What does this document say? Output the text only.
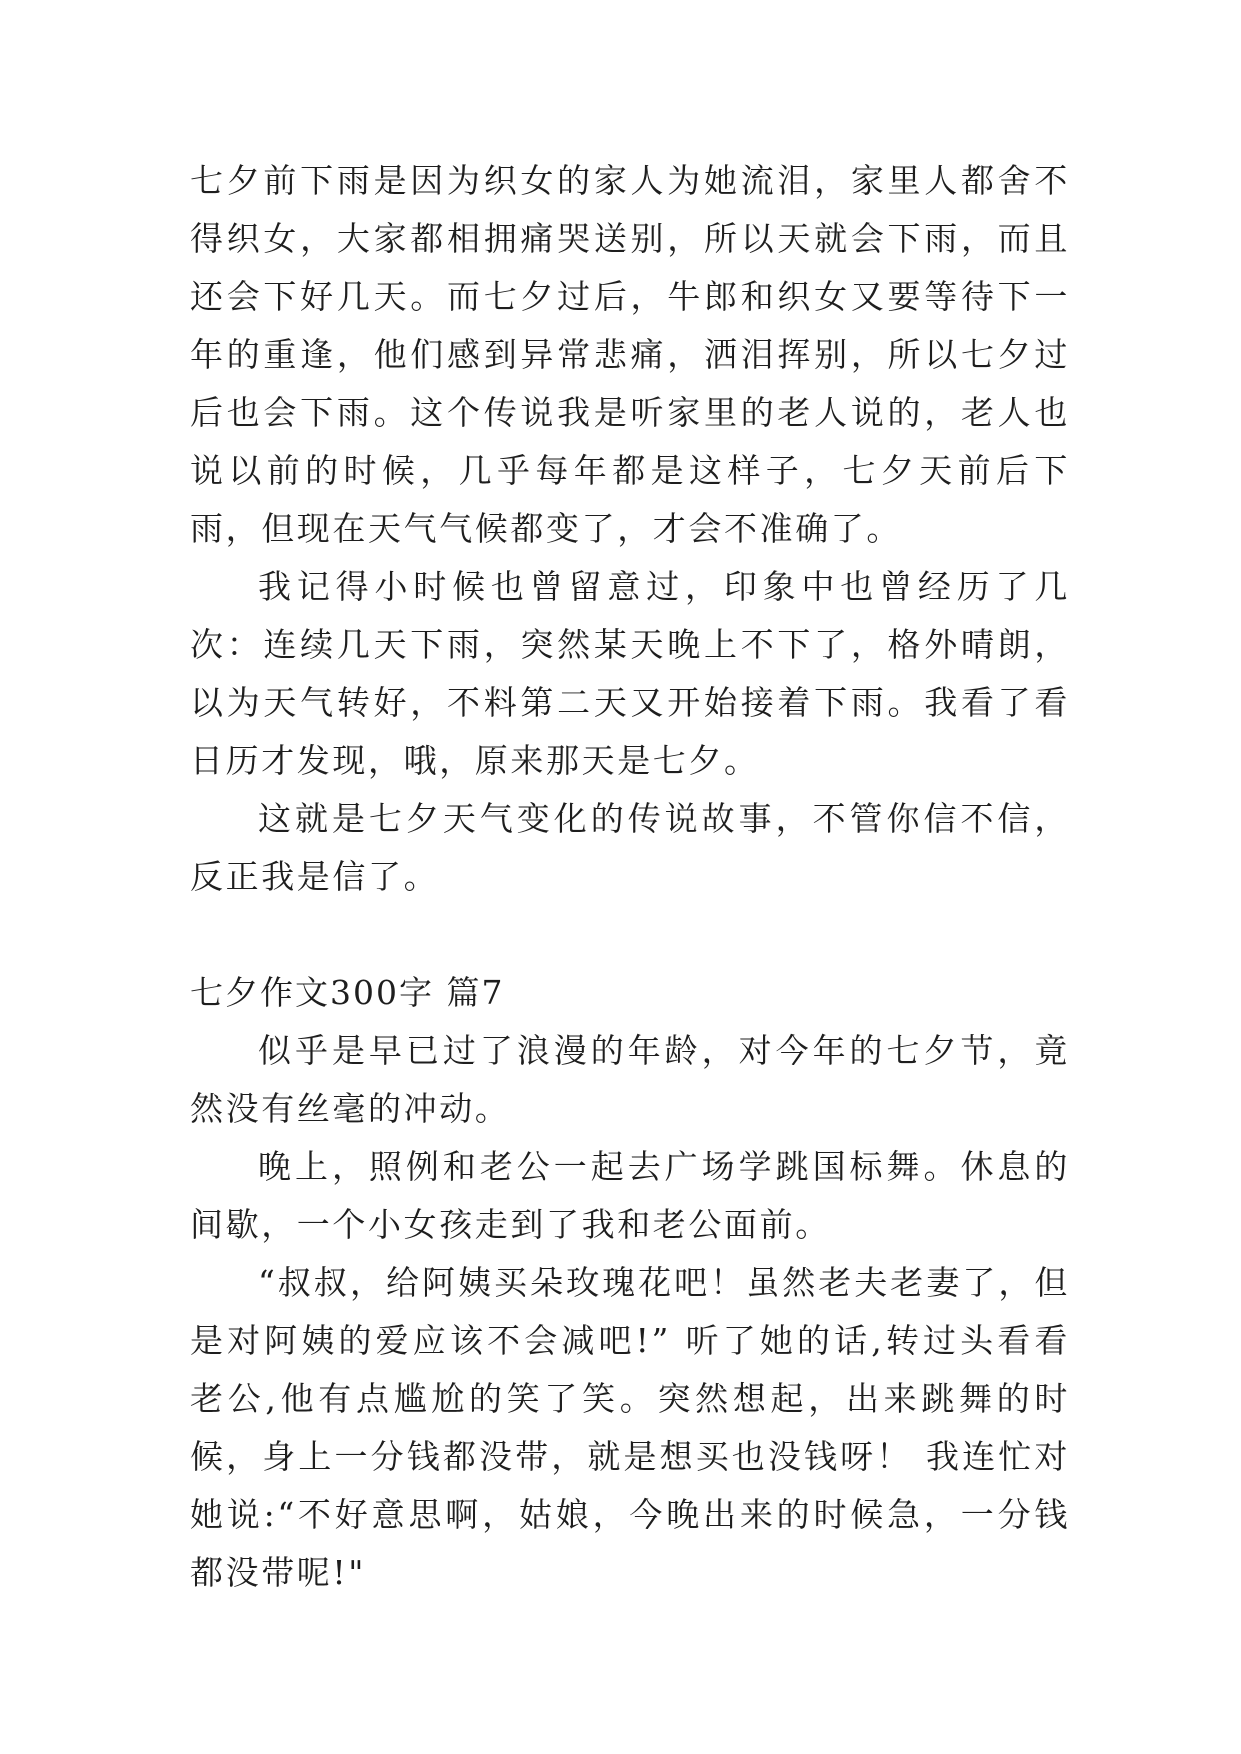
七夕前下雨是因为织女的家人为她流泪，家里人都舍不得织女，大家都相拥痛哭送别，所以天就会下雨，而且还会下好几天。而七夕过后，牛郎和织女又要等待下一年的重逢，他们感到异常悲痛，洒泪挥别，所以七夕过后也会下雨。这个传说我是听家里的老人说的，老人也说以前的时候，几乎每年都是这样子，七夕天前后下雨，但现在天气气候都变了，才会不准确了。

我记得小时候也曾留意过，印象中也曾经历了几次：连续几天下雨，突然某天晚上不下了，格外晴朗，以为天气转好，不料第二天又开始接着下雨。我看了看日历才发现，哦，原来那天是七夕。

这就是七夕天气变化的传说故事，不管你信不信，反正我是信了。

七夕作文300字 篇7

似乎是早已过了浪漫的年龄，对今年的七夕节，竟然没有丝毫的冲动。

晚上，照例和老公一起去广场学跳国标舞。休息的间歇，一个小女孩走到了我和老公面前。

“叔叔，给阿姨买朵玫瑰花吧！虽然老夫老妻了，但是对阿姨的爱应该不会减吧!” 听了她的话,转过头看看老公,他有点尴尬的笑了笑。突然想起，出来跳舞的时候，身上一分钱都没带，就是想买也没钱呀！ 我连忙对她说:“不好意思啊，姑娘，今晚出来的时候急，一分钱都没带呢!"
